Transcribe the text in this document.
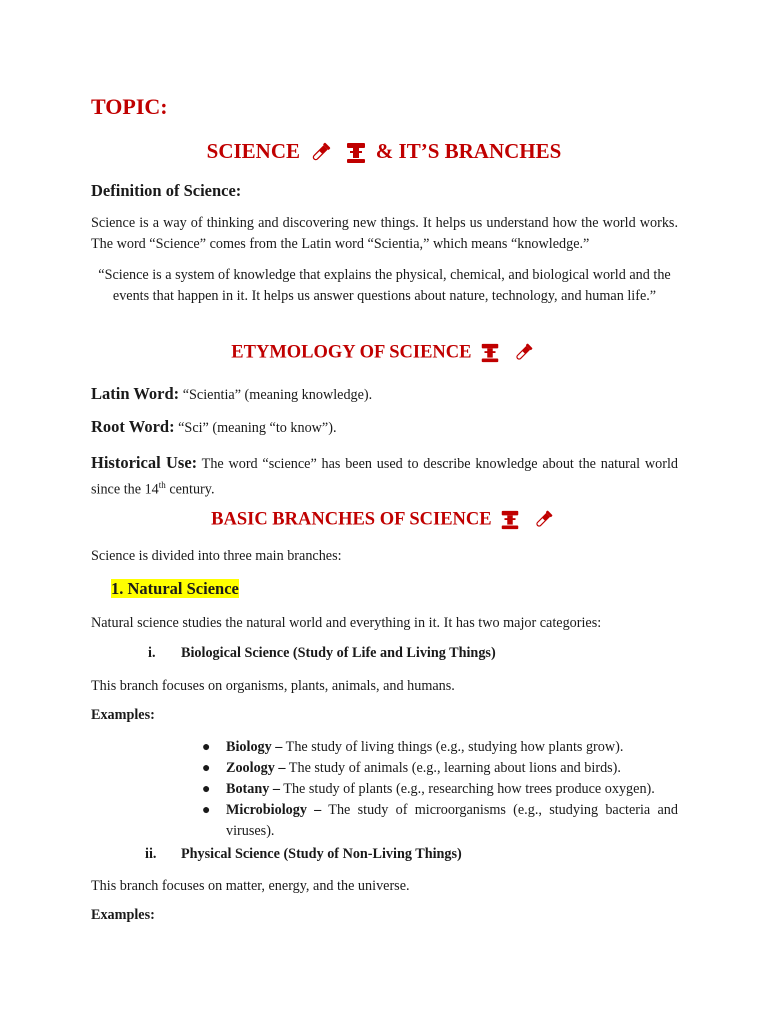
TOPIC:
SCIENCE	& IT’S BRANCHES
Definition of Science:
Science is a way of thinking and discovering new things. It helps us understand how the world works. The word “Science” comes from the Latin word “Scientia,” which means “knowledge.”
“Science is a system of knowledge that explains the physical, chemical, and biological world and the events that happen in it. It helps us answer questions about nature, technology, and human life.”
ETYMOLOGY OF SCIENCE
Latin Word: “Scientia” (meaning knowledge).
Root Word: “Sci” (meaning “to know”).
Historical Use: The word “science” has been used to describe knowledge about the natural world since the 14th century.
BASIC BRANCHES OF SCIENCE
Science is divided into three main branches:
1. Natural Science
Natural science studies the natural world and everything in it. It has two major categories:
i. Biological Science (Study of Life and Living Things)
This branch focuses on organisms, plants, animals, and humans.
Examples:
● Biology – The study of living things (e.g., studying how plants grow).
● Zoology – The study of animals (e.g., learning about lions and birds).
● Botany – The study of plants (e.g., researching how trees produce oxygen).
● Microbiology – The study of microorganisms (e.g., studying bacteria and viruses).
ii. Physical Science (Study of Non-Living Things)
This branch focuses on matter, energy, and the universe.
Examples:
